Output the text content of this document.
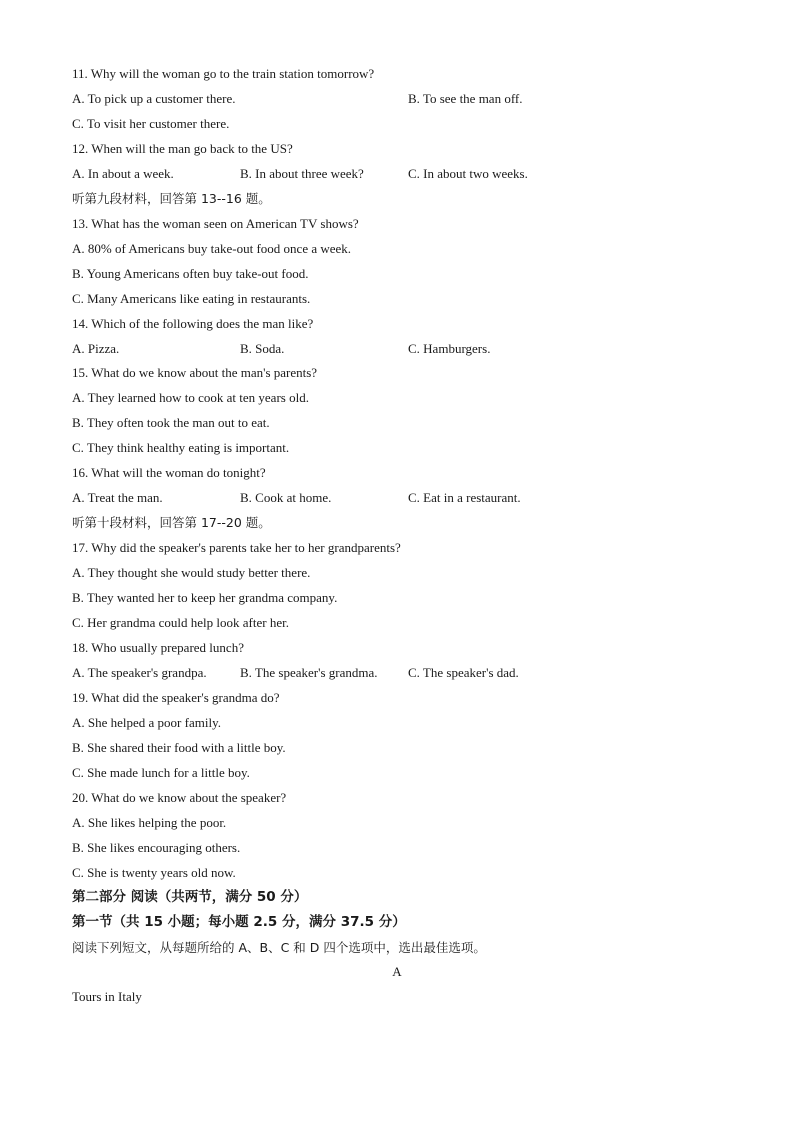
11. Why will the woman go to the train station tomorrow?
A. To pick up a customer there.	B. To see the man off.
C. To visit her customer there.
12. When will the man go back to the US?
A. In about a week.	B. In about three week?	C. In about two weeks.
听第九段材料，回答第 13--16 题。
13. What has the woman seen on American TV shows?
A. 80% of Americans buy take-out food once a week.
B. Young Americans often buy take-out food.
C. Many Americans like eating in restaurants.
14. Which of the following does the man like?
A. Pizza.	B. Soda.	C. Hamburgers.
15. What do we know about the man's parents?
A. They learned how to cook at ten years old.
B. They often took the man out to eat.
C. They think healthy eating is important.
16. What will the woman do tonight?
A. Treat the man.	B. Cook at home.	C. Eat in a restaurant.
听第十段材料，回答第 17--20 题。
17. Why did the speaker's parents take her to her grandparents?
A. They thought she would study better there.
B. They wanted her to keep her grandma company.
C. Her grandma could help look after her.
18. Who usually prepared lunch?
A. The speaker's grandpa.	B. The speaker's grandma. C. The speaker's dad.
19. What did the speaker's grandma do?
A. She helped a poor family.
B. She shared their food with a little boy.
C. She made lunch for a little boy.
20. What do we know about the speaker?
A. She likes helping the poor.
B. She likes encouraging others.
C. She is twenty years old now.
第二部分 阅读（共两节，满分 50 分）
第一节（共 15 小题；每小题 2.5 分，满分 37.5 分）
阅读下列短文，从每题所给的 A、B、C 和 D 四个选项中，选出最佳选项。
A
Tours in Italy
